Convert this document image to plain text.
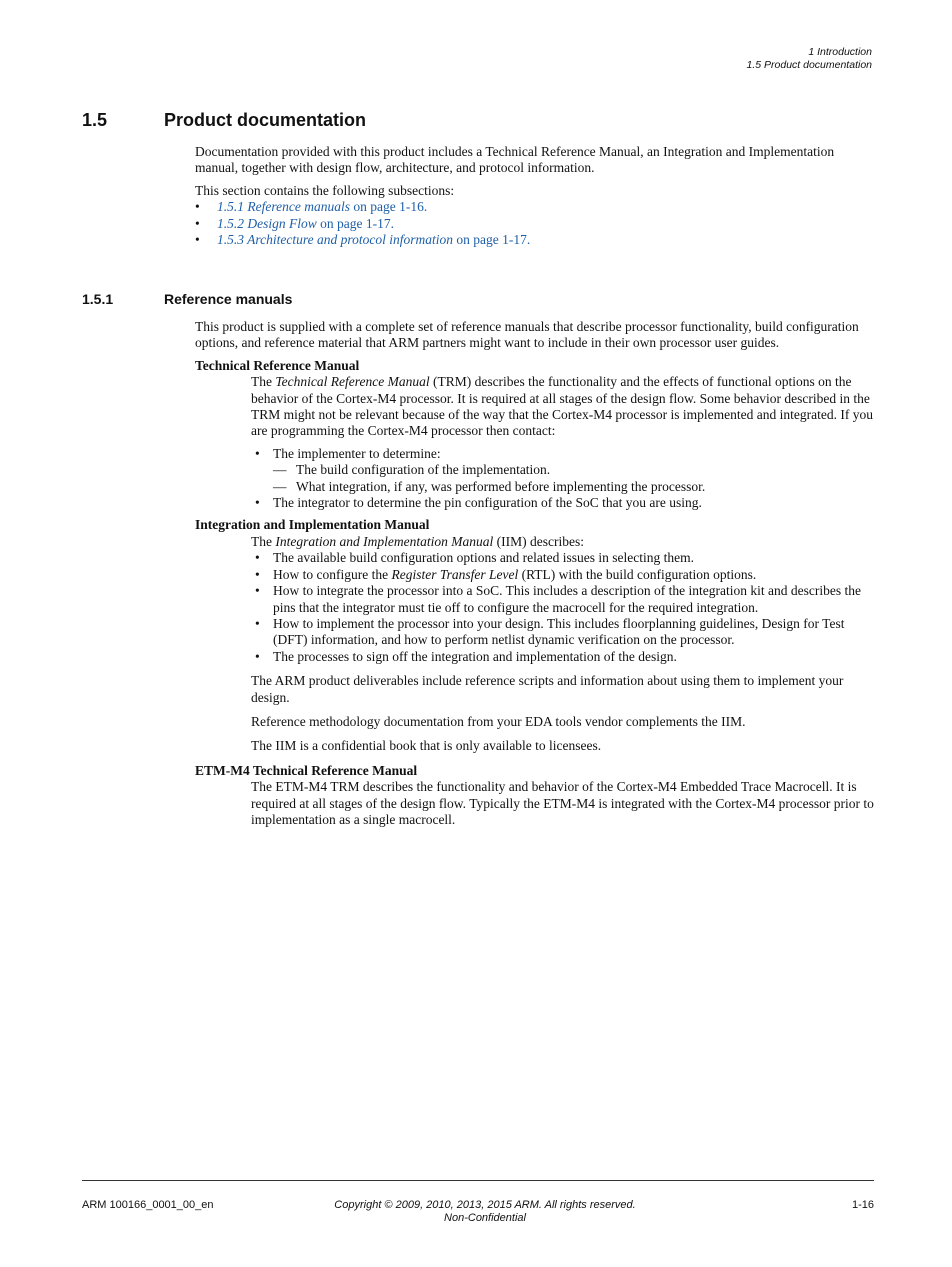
1 Introduction
1.5 Product documentation
1.5	Product documentation

Documentation provided with this product includes a Technical Reference Manual, an Integration and Implementation manual, together with design flow, architecture, and protocol information.

This section contains the following subsections:

• 1.5.1 Reference manuals on page 1-16.
• 1.5.2 Design Flow on page 1-17.
• 1.5.3 Architecture and protocol information on page 1-17.
1.5.1	Reference manuals

This product is supplied with a complete set of reference manuals that describe processor functionality, build configuration options, and reference material that ARM partners might want to include in their own processor user guides.

Technical Reference Manual

The Technical Reference Manual (TRM) describes the functionality and the effects of functional options on the behavior of the Cortex-M4 processor. It is required at all stages of the design flow. Some behavior described in the TRM might not be relevant because of the way that the Cortex-M4 processor is implemented and integrated. If you are programming the Cortex-M4 processor then contact:

• The implementer to determine:
— The build configuration of the implementation.
— What integration, if any, was performed before implementing the processor.
• The integrator to determine the pin configuration of the SoC that you are using.
Integration and Implementation Manual

The Integration and Implementation Manual (IIM) describes:

• The available build configuration options and related issues in selecting them.
• How to configure the Register Transfer Level (RTL) with the build configuration options.
• How to integrate the processor into a SoC. This includes a description of the integration kit and describes the pins that the integrator must tie off to configure the macrocell for the required integration.
• How to implement the processor into your design. This includes floorplanning guidelines, Design for Test (DFT) information, and how to perform netlist dynamic verification on the processor.
• The processes to sign off the integration and implementation of the design.

The ARM product deliverables include reference scripts and information about using them to implement your design.

Reference methodology documentation from your EDA tools vendor complements the IIM.

The IIM is a confidential book that is only available to licensees.

ETM-M4 Technical Reference Manual

The ETM-M4 TRM describes the functionality and behavior of the Cortex-M4 Embedded Trace Macrocell. It is required at all stages of the design flow. Typically the ETM-M4 is integrated with the Cortex-M4 processor prior to implementation as a single macrocell.

ARM 100166_0001_00_en	Copyright © 2009, 2010, 2013, 2015 ARM. All rights reserved.
Non-Confidential
1-16
